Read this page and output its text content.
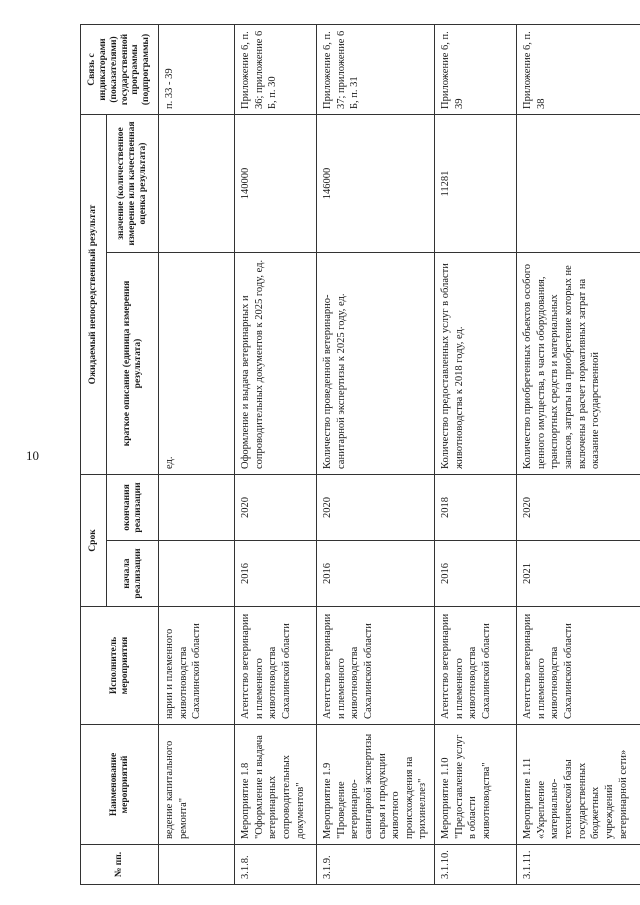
10
№ пп.	Наименование мероприятий	Исполнитель мероприятия	Срок		Ожидаемый непосредственный результат		Связь с индикаторами (показателями) государственной программы (подпрограммы)
			начала реализации	окончания реализации	краткое описание (единица измерения результата)	значение (количественное измерение или качественная оценка результата)	
	ведение капитального ремонта"	нарии и племенного животноводства Сахалинской области			ед.		п. 33 - 39
3.1.8.	Мероприятие 1.8 "Оформление и выдача ветеринарных сопроводительных документов"	Агентство ветеринарии и племенного животноводства Сахалинской области	2016	2020	Оформление и выдача ветеринарных и сопроводительных документов к 2025 году, ед.	140000	Приложение 6, п. 36; приложение 6 Б, п. 30
3.1.9.	Мероприятие 1.9 "Проведение ветеринарно-санитарной экспертизы сырья и продукции животного происхождения на трихинеллез"	Агентство ветеринарии и племенного животноводства Сахалинской области	2016	2020	Количество проведенной ветеринарно-санитарной экспертизы к 2025 году, ед.	146000	Приложение 6, п. 37; приложение 6 Б, п. 31
3.1.10.	Мероприятие 1.10 "Предоставление услуг в области животноводства"	Агентство ветеринарии и племенного животноводства Сахалинской области	2016	2018	Количество предоставленных услуг в области животноводства к 2018 году, ед.	11281	Приложение 6, п. 39
3.1.11.	Мероприятие 1.11 «Укрепление материально-технической базы государственных бюджетных учреждений ветеринарной сети»	Агентство ветеринарии и племенного животноводства Сахалинской области	2021	2020	Количество приобретенных объектов особого ценного имущества, в части оборудования, транспортных средств и материальных запасов, затраты на приобретение которых не включены в расчет нормативных затрат на оказание государственной		Приложение 6, п. 38
